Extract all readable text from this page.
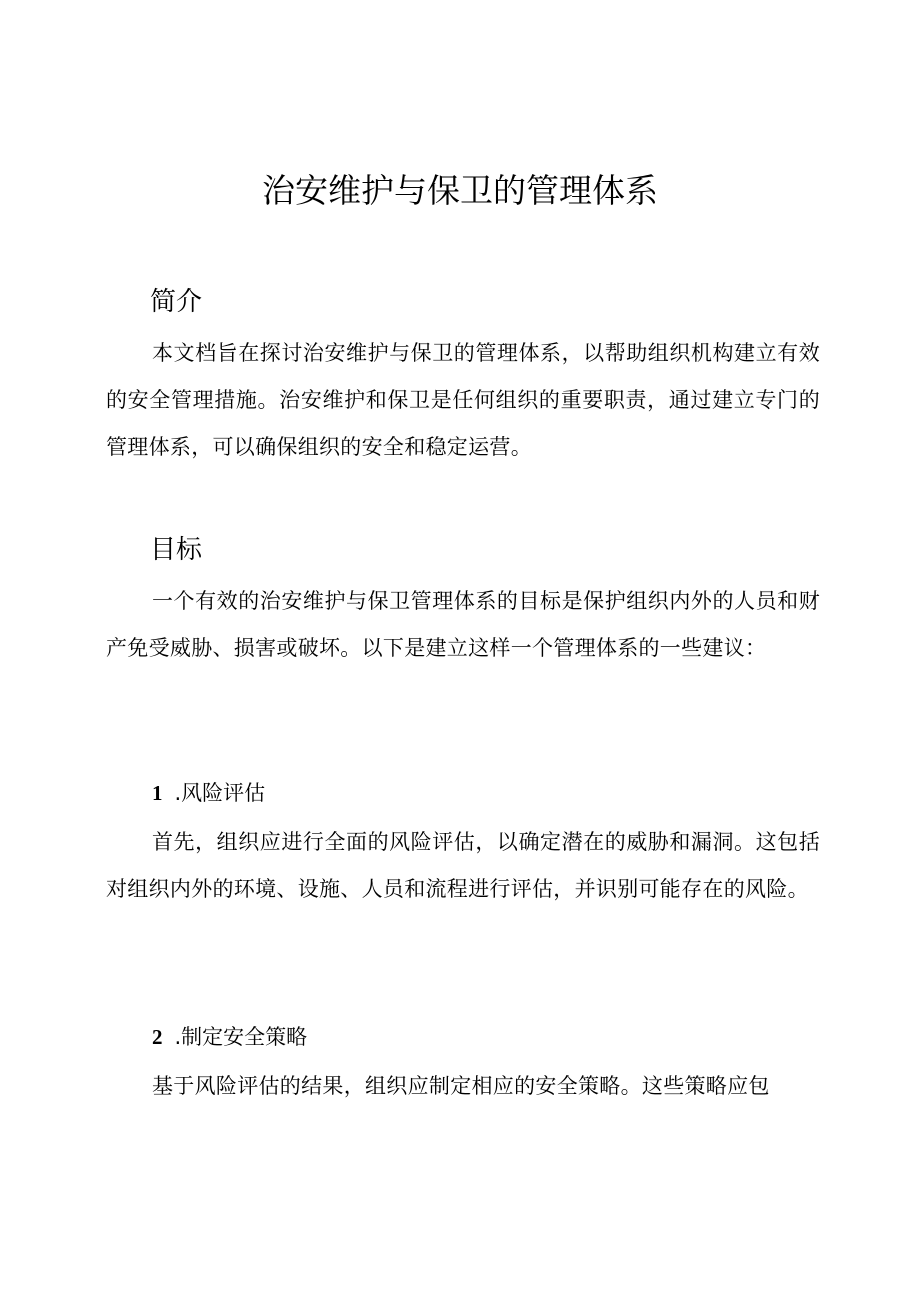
治安维护与保卫的管理体系
简介

本文档旨在探讨治安维护与保卫的管理体系，以帮助组织机构建立有效的安全管理措施。治安维护和保卫是任何组织的重要职责，通过建立专门的管理体系，可以确保组织的安全和稳定运营。

目标

一个有效的治安维护与保卫管理体系的目标是保护组织内外的人员和财产免受威胁、损害或破坏。以下是建立这样一个管理体系的一些建议：

1 .风险评估

首先，组织应进行全面的风险评估，以确定潜在的威胁和漏洞。这包括对组织内外的环境、设施、人员和流程进行评估，并识别可能存在的风险。

2 .制定安全策略

基于风险评估的结果，组织应制定相应的安全策略。这些策略应包
